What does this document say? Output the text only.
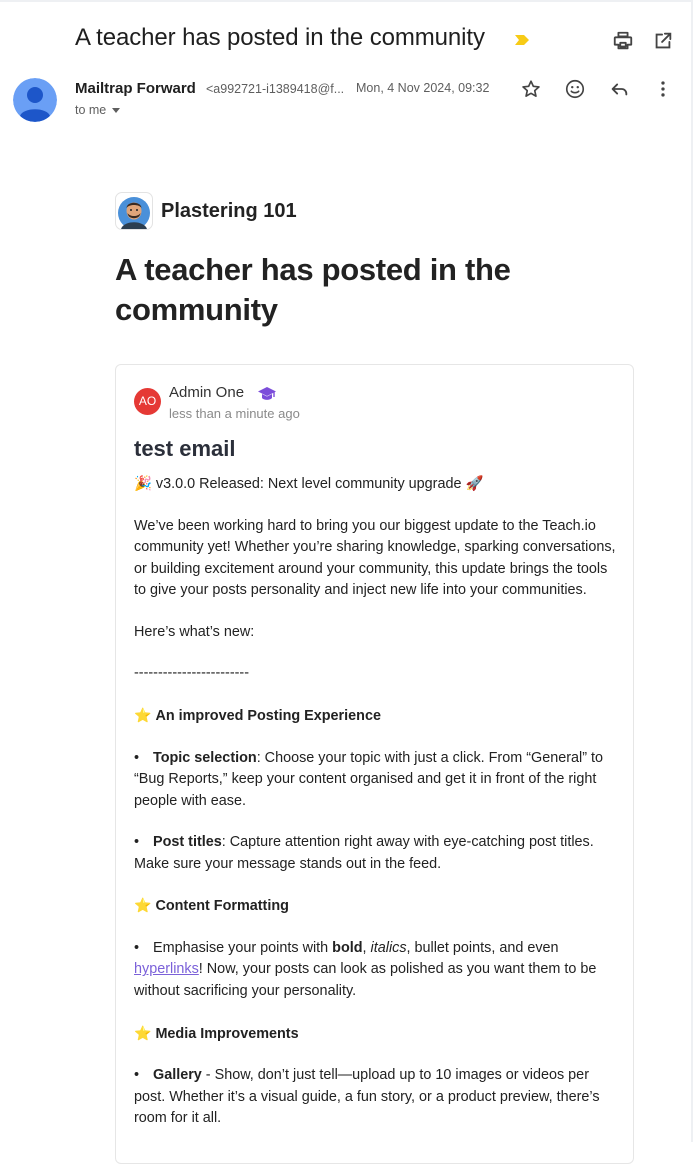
A teacher has posted in the community
Mailtrap Forward <a992721-i1389418@f... Mon, 4 Nov 2024, 09:32
to me
Plastering 101
A teacher has posted in the community
AO Admin One
less than a minute ago
test email

🎉 v3.0.0 Released: Next level community upgrade 🚀

We’ve been working hard to bring you our biggest update to the Teach.io community yet! Whether you’re sharing knowledge, sparking conversations, or building excitement around your community, this update brings the tools to give your posts personality and inject new life into your communities.

Here’s what’s new:

------------------------

⭐ An improved Posting Experience

• Topic selection: Choose your topic with just a click. From “General” to “Bug Reports,” keep your content organised and get it in front of the right people with ease.

• Post titles: Capture attention right away with eye-catching post titles. Make sure your message stands out in the feed.

⭐ Content Formatting

• Emphasise your points with bold, italics, bullet points, and even hyperlinks! Now, your posts can look as polished as you want them to be without sacrificing your personality.

⭐ Media Improvements

• Gallery - Show, don’t just tell—upload up to 10 images or videos per post. Whether it’s a visual guide, a fun story, or a product preview, there’s room for it all.
